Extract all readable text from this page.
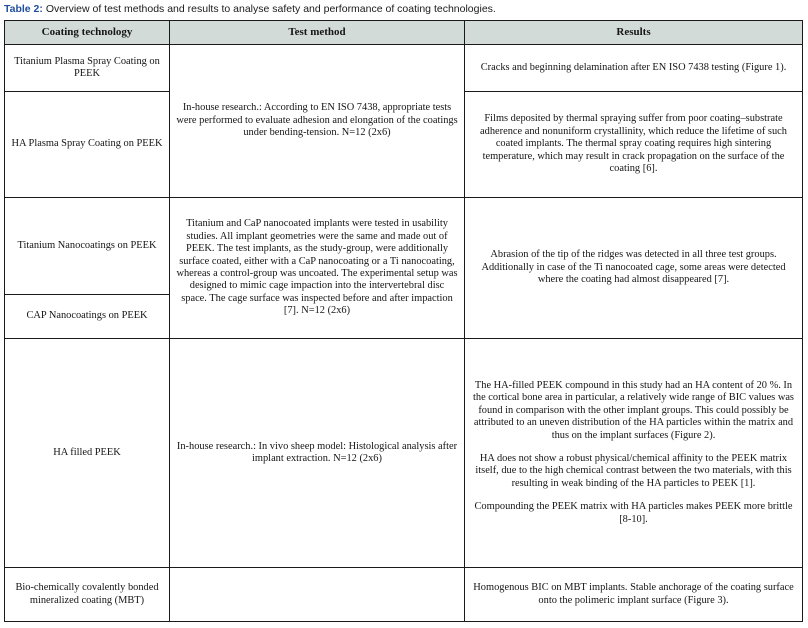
Table 2: Overview of test methods and results to analyse safety and performance of coating technologies.
Coating technology	Test method	Results
Titanium Plasma Spray Coating on PEEK	In-house research.: According to EN ISO 7438, appropriate tests were performed to evaluate adhesion and elongation of the coatings under bending-tension. N=12 (2x6)	Cracks and beginning delamination after EN ISO 7438 testing (Figure 1).
HA Plasma Spray Coating on PEEK		Films deposited by thermal spraying suffer from poor coating–substrate adherence and nonuniform crystallinity, which reduce the lifetime of such coated implants. The thermal spray coating requires high sintering temperature, which may result in crack propagation on the surface of the coating [6].
Titanium Nanocoatings on PEEK	Titanium and CaP nanocoated implants were tested in usability studies. All implant geometries were the same and made out of PEEK. The test implants, as the study-group, were additionally surface coated, either with a CaP nanocoating or a Ti nanocoating, whereas a control-group was uncoated. The experimental setup was designed to mimic cage impaction into the intervertebral disc space. The cage surface was inspected before and after impaction [7]. N=12 (2x6)	Abrasion of the tip of the ridges was detected in all three test groups. Additionally in case of the Ti nanocoated cage, some areas were detected where the coating had almost disappeared [7].
CAP Nanocoatings on PEEK		
HA filled PEEK	In-house research.: In vivo sheep model: Histological analysis after implant extraction. N=12 (2x6)	The HA-filled PEEK compound in this study had an HA content of 20 %. In the cortical bone area in particular, a relatively wide range of BIC values was found in comparison with the other implant groups. This could possibly be attributed to an uneven distribution of the HA particles within the matrix and thus on the implant surfaces (Figure 2).

HA does not show a robust physical/chemical affinity to the PEEK matrix itself, due to the high chemical contrast between the two materials, with this resulting in weak binding of the HA particles to PEEK [1].

Compounding the PEEK matrix with HA particles makes PEEK more brittle [8-10].

Bio-chemically covalently bonded mineralized coating (MBT)		Homogenous BIC on MBT implants. Stable anchorage of the coating surface onto the polimeric implant surface (Figure 3).
